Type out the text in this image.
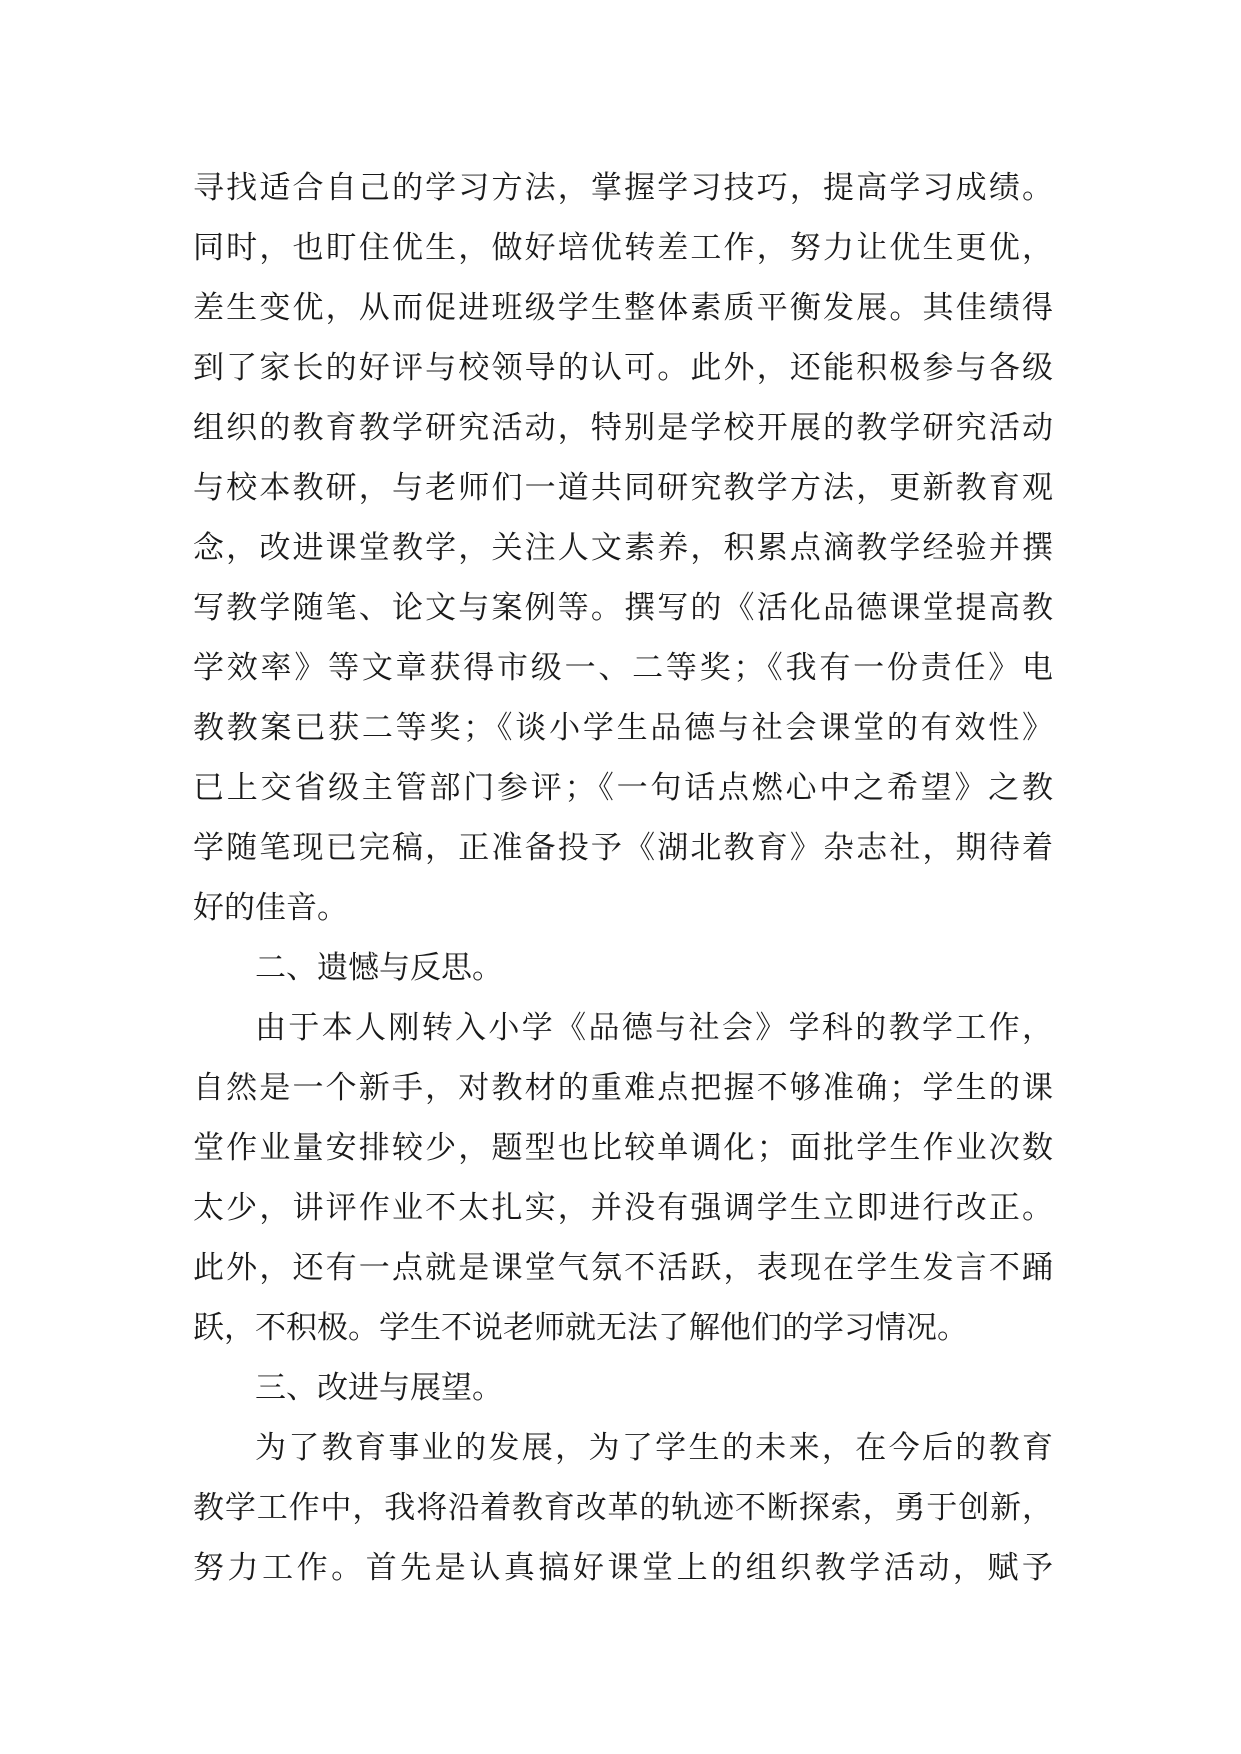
寻找适合自己的学习方法，掌握学习技巧，提高学习成绩。
同时，也盯住优生，做好培优转差工作，努力让优生更优，
差生变优，从而促进班级学生整体素质平衡发展。其佳绩得
到了家长的好评与校领导的认可。此外，还能积极参与各级
组织的教育教学研究活动，特别是学校开展的教学研究活动
与校本教研，与老师们一道共同研究教学方法，更新教育观
念，改进课堂教学，关注人文素养，积累点滴教学经验并撰
写教学随笔、论文与案例等。撰写的《活化品德课堂提高教
学效率》等文章获得市级一、二等奖；《我有一份责任》电
教教案已获二等奖；《谈小学生品德与社会课堂的有效性》
已上交省级主管部门参评；《一句话点燃心中之希望》之教
学随笔现已完稿，正准备投予《湖北教育》杂志社，期待着
好的佳音。
二、遗憾与反思。
由于本人刚转入小学《品德与社会》学科的教学工作，
自然是一个新手，对教材的重难点把握不够准确；学生的课
堂作业量安排较少，题型也比较单调化；面批学生作业次数
太少，讲评作业不太扎实，并没有强调学生立即进行改正。
此外，还有一点就是课堂气氛不活跃，表现在学生发言不踊
跃，不积极。学生不说老师就无法了解他们的学习情况。
三、改进与展望。
为了教育事业的发展，为了学生的未来，在今后的教育
教学工作中，我将沿着教育改革的轨迹不断探索，勇于创新，
努力工作。首先是认真搞好课堂上的组织教学活动，赋予
